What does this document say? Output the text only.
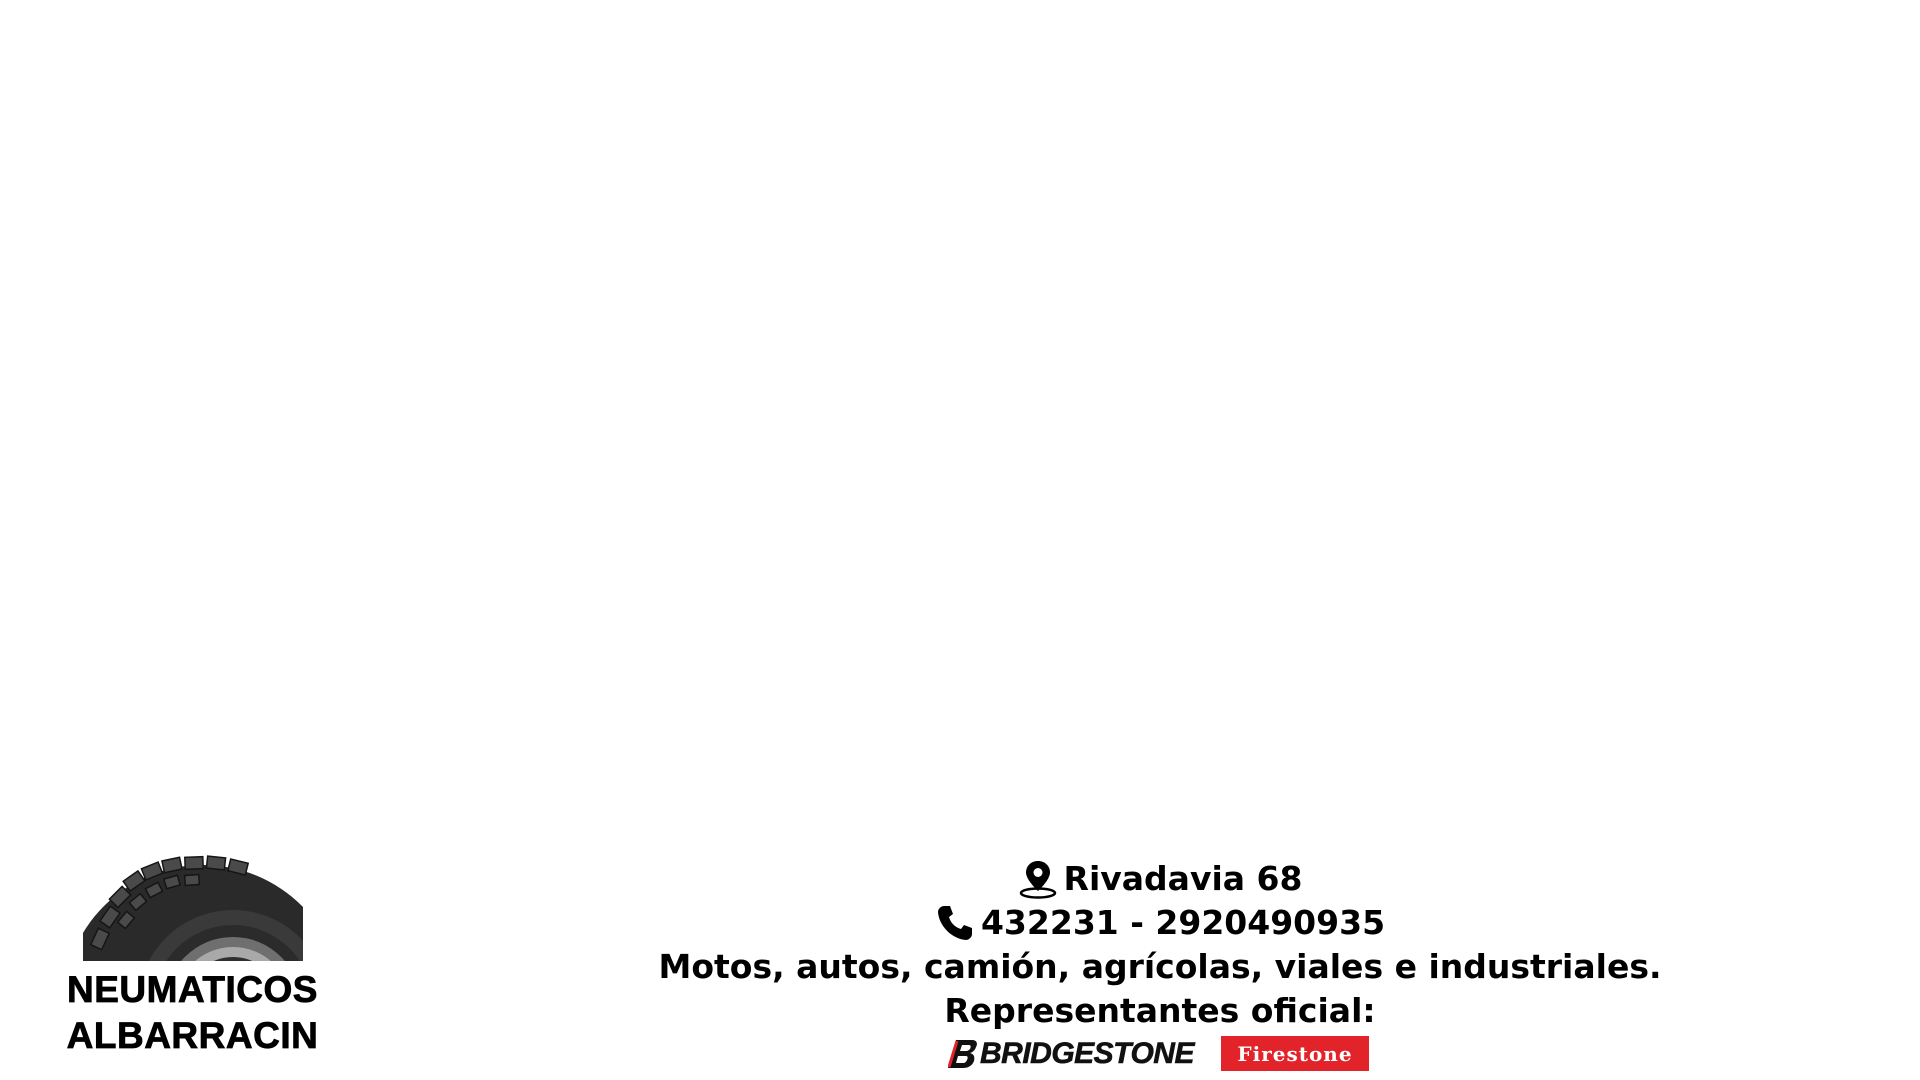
NEUMATICOS
ALBARRACIN
Rivadavia 68
432231 - 2920490935
Motos, autos, camión, agrícolas, viales e industriales.
Representantes oficial:
BRIDGESTONE Firestone
